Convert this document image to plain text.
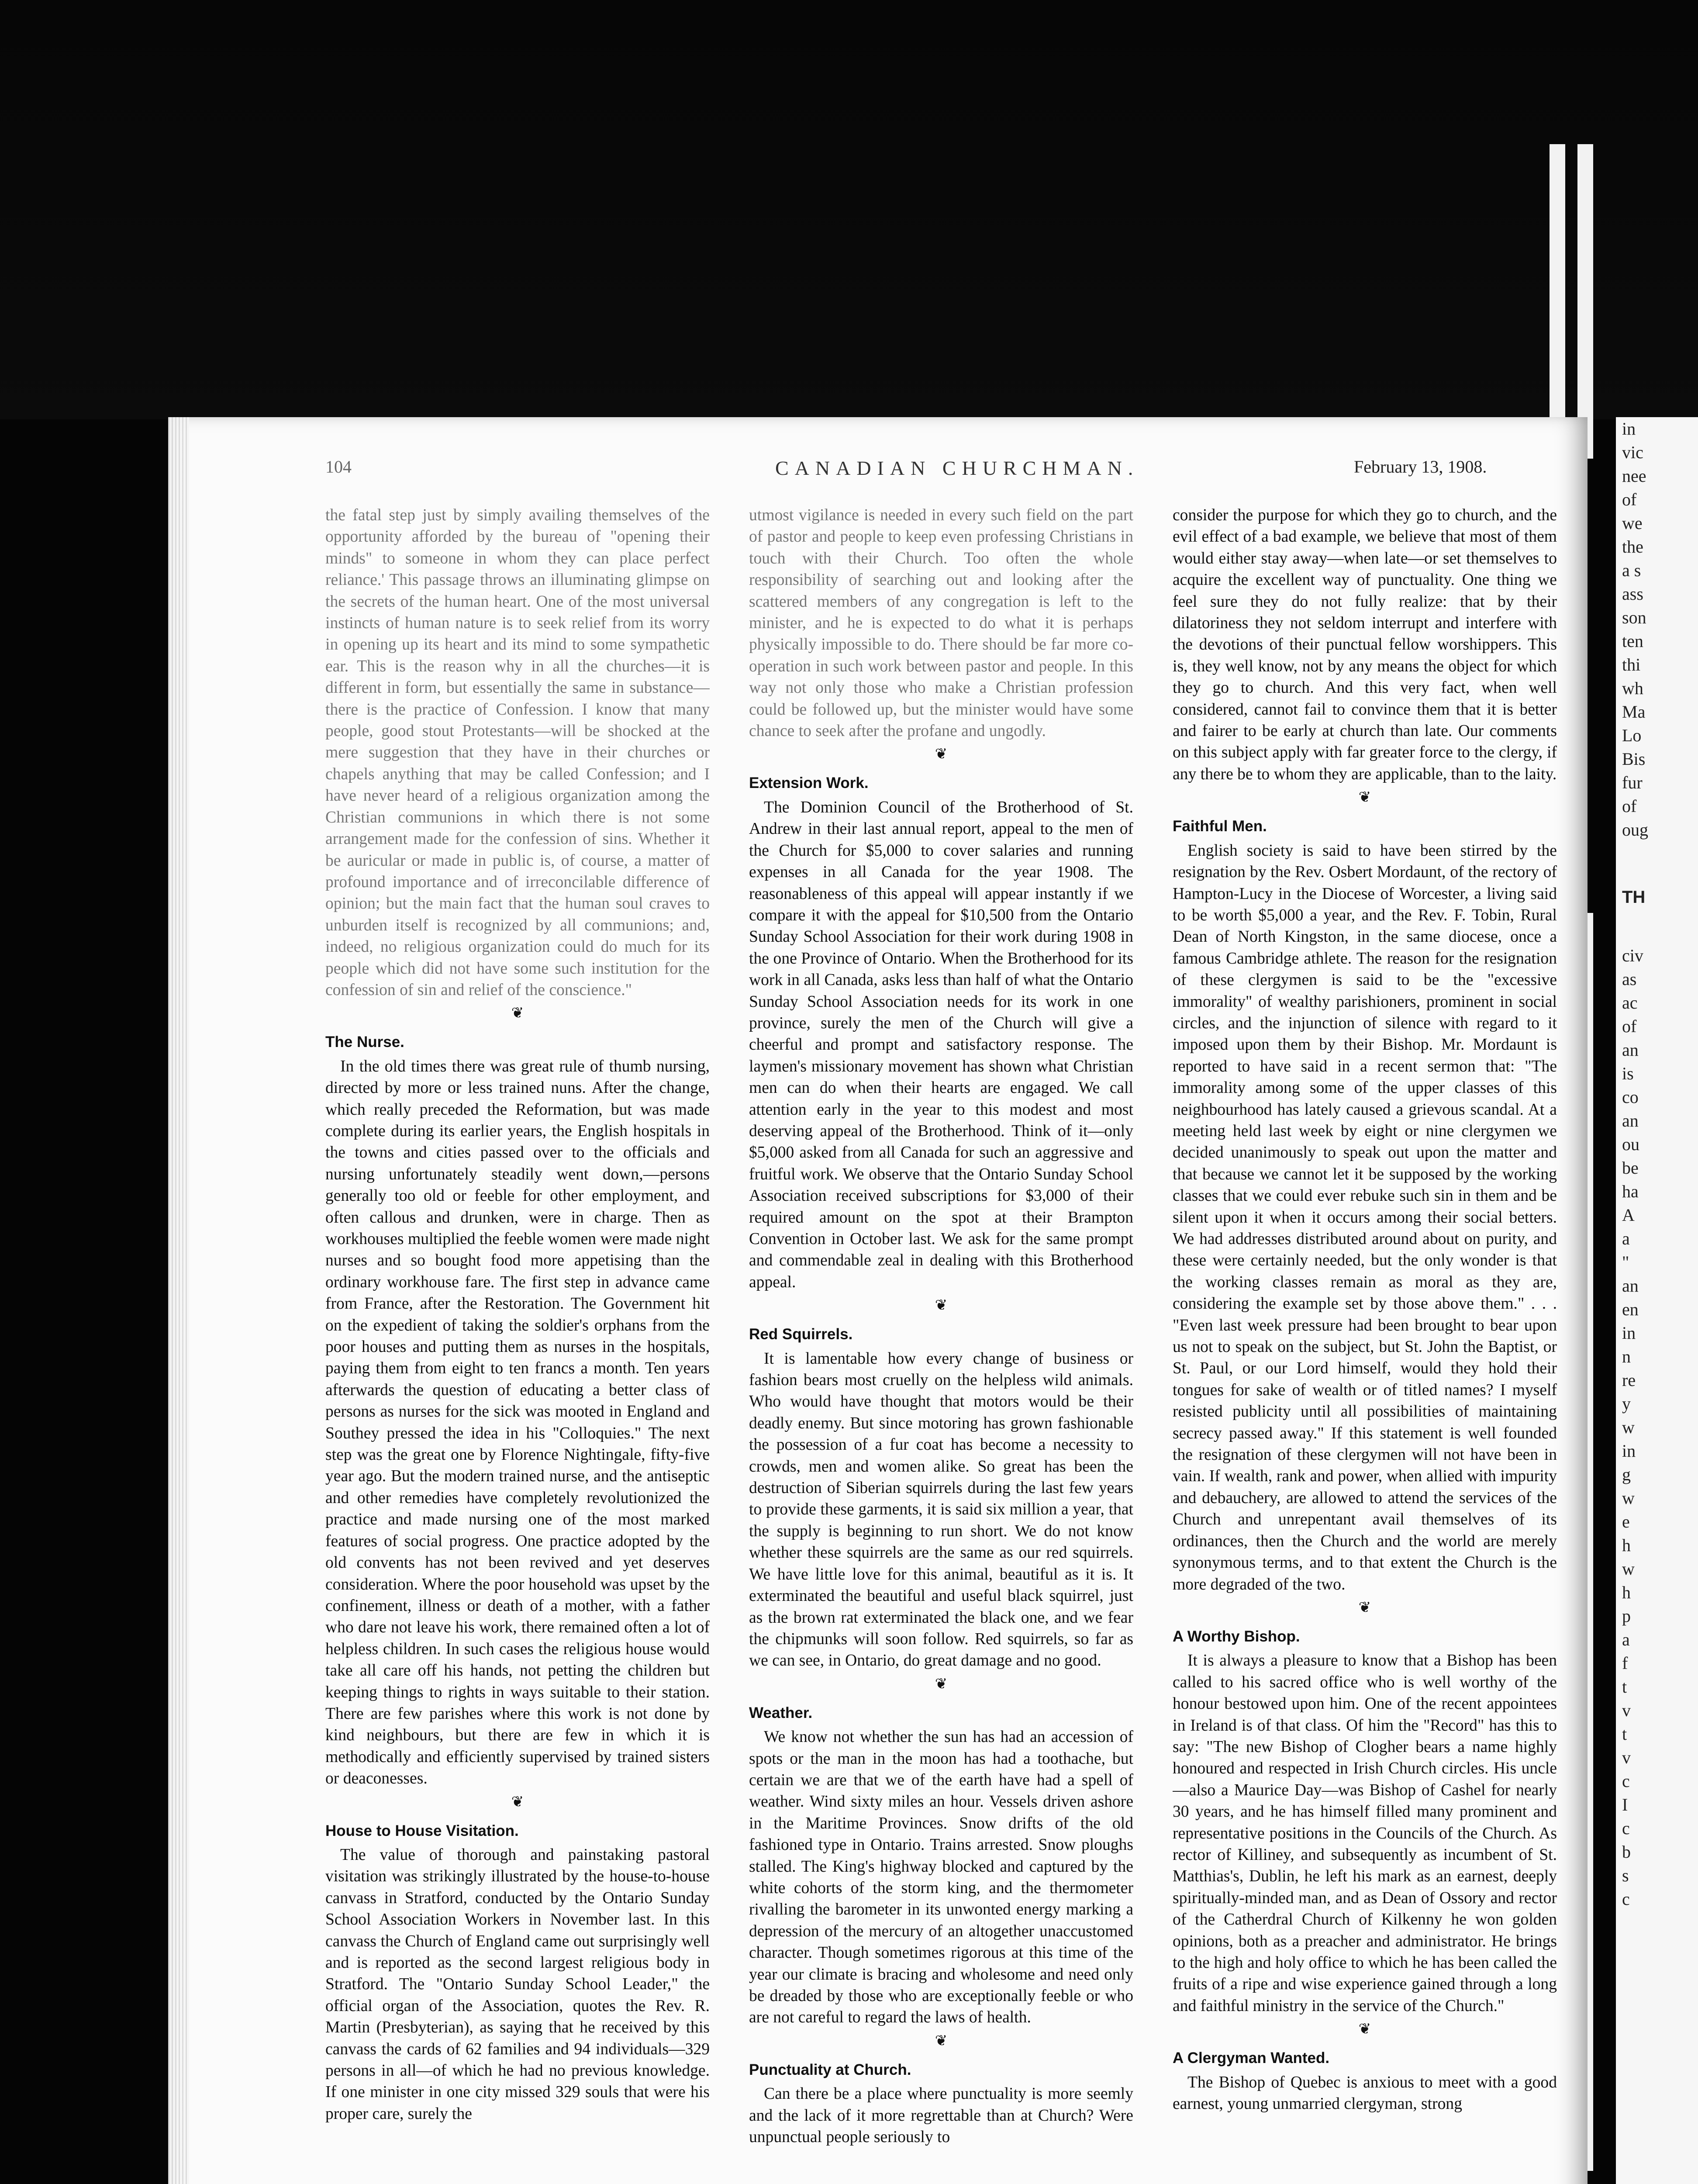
in
vic
nee
of
we
the
a s
ass
son
ten
thi
wh
Ma
Lo
Bis
fur
of
oug
TH
civ
as
ac
of
an
is
co
an
ou
be
ha
A
a
"
an
en
in
n
re
y
w
in
g
w
e
h
w
h
p
a
f
t
v
t
v
c
I
c
b
s
c
104	CANADIAN CHURCHMAN.	February 13, 1908.

the fatal step just by simply availing themselves of the opportunity afforded by the bureau of "opening their minds" to someone in whom they can place perfect reliance.' This passage throws an illuminating glimpse on the secrets of the human heart. One of the most universal instincts of human nature is to seek relief from its worry in opening up its heart and its mind to some sympathetic ear. This is the reason why in all the churches—it is different in form, but essentially the same in substance—there is the practice of Confession. I know that many people, good stout Protestants—will be shocked at the mere suggestion that they have in their churches or chapels anything that may be called Confession; and I have never heard of a religious organization among the Christian communions in which there is not some arrangement made for the confession of sins. Whether it be auricular or made in public is, of course, a matter of profound importance and of irreconcilable difference of opinion; but the main fact that the human soul craves to unburden itself is recognized by all communions; and, indeed, no religious organization could do much for its people which did not have some such institution for the confession of sin and relief of the conscience."

❦
The Nurse.

In the old times there was great rule of thumb nursing, directed by more or less trained nuns. After the change, which really preceded the Reformation, but was made complete during its earlier years, the English hospitals in the towns and cities passed over to the officials and nursing unfortunately steadily went down,—persons generally too old or feeble for other employment, and often callous and drunken, were in charge. Then as workhouses multiplied the feeble women were made night nurses and so bought food more appetising than the ordinary workhouse fare. The first step in advance came from France, after the Restoration. The Government hit on the expedient of taking the soldier's orphans from the poor houses and putting them as nurses in the hospitals, paying them from eight to ten francs a month. Ten years afterwards the question of educating a better class of persons as nurses for the sick was mooted in England and Southey pressed the idea in his "Colloquies." The next step was the great one by Florence Nightingale, fifty-five year ago. But the modern trained nurse, and the antiseptic and other remedies have completely revolutionized the practice and made nursing one of the most marked features of social progress. One practice adopted by the old convents has not been revived and yet deserves consideration. Where the poor household was upset by the confinement, illness or death of a mother, with a father who dare not leave his work, there remained often a lot of helpless children. In such cases the religious house would take all care off his hands, not petting the children but keeping things to rights in ways suitable to their station. There are few parishes where this work is not done by kind neighbours, but there are few in which it is methodically and efficiently supervised by trained sisters or deaconesses.

❦
House to House Visitation.

The value of thorough and painstaking pastoral visitation was strikingly illustrated by the house-to-house canvass in Stratford, conducted by the Ontario Sunday School Association Workers in November last. In this canvass the Church of England came out surprisingly well and is reported as the second largest religious body in Stratford. The "Ontario Sunday School Leader," the official organ of the Association, quotes the Rev. R. Martin (Presbyterian), as saying that he received by this canvass the cards of 62 families and 94 individuals—329 persons in all—of which he had no previous knowledge. If one minister in one city missed 329 souls that were his proper care, surely the

utmost vigilance is needed in every such field on the part of pastor and people to keep even professing Christians in touch with their Church. Too often the whole responsibility of searching out and looking after the scattered members of any congregation is left to the minister, and he is expected to do what it is perhaps physically impossible to do. There should be far more co-operation in such work between pastor and people. In this way not only those who make a Christian profession could be followed up, but the minister would have some chance to seek after the profane and ungodly.

❦
Extension Work.

The Dominion Council of the Brotherhood of St. Andrew in their last annual report, appeal to the men of the Church for $5,000 to cover salaries and running expenses in all Canada for the year 1908. The reasonableness of this appeal will appear instantly if we compare it with the appeal for $10,500 from the Ontario Sunday School Association for their work during 1908 in the one Province of Ontario. When the Brotherhood for its work in all Canada, asks less than half of what the Ontario Sunday School Association needs for its work in one province, surely the men of the Church will give a cheerful and prompt and satisfactory response. The laymen's missionary movement has shown what Christian men can do when their hearts are engaged. We call attention early in the year to this modest and most deserving appeal of the Brotherhood. Think of it—only $5,000 asked from all Canada for such an aggressive and fruitful work. We observe that the Ontario Sunday School Association received subscriptions for $3,000 of their required amount on the spot at their Brampton Convention in October last. We ask for the same prompt and commendable zeal in dealing with this Brotherhood appeal.

❦
Red Squirrels.

It is lamentable how every change of business or fashion bears most cruelly on the helpless wild animals. Who would have thought that motors would be their deadly enemy. But since motoring has grown fashionable the possession of a fur coat has become a necessity to crowds, men and women alike. So great has been the destruction of Siberian squirrels during the last few years to provide these garments, it is said six million a year, that the supply is beginning to run short. We do not know whether these squirrels are the same as our red squirrels. We have little love for this animal, beautiful as it is. It exterminated the beautiful and useful black squirrel, just as the brown rat exterminated the black one, and we fear the chipmunks will soon follow. Red squirrels, so far as we can see, in Ontario, do great damage and no good.

❦
Weather.

We know not whether the sun has had an accession of spots or the man in the moon has had a toothache, but certain we are that we of the earth have had a spell of weather. Wind sixty miles an hour. Vessels driven ashore in the Maritime Provinces. Snow drifts of the old fashioned type in Ontario. Trains arrested. Snow ploughs stalled. The King's highway blocked and captured by the white cohorts of the storm king, and the thermometer rivalling the barometer in its unwonted energy marking a depression of the mercury of an altogether unaccustomed character. Though sometimes rigorous at this time of the year our climate is bracing and wholesome and need only be dreaded by those who are exceptionally feeble or who are not careful to regard the laws of health.

❦
Punctuality at Church.

Can there be a place where punctuality is more seemly and the lack of it more regrettable than at Church? Were unpunctual people seriously to

consider the purpose for which they go to church, and the evil effect of a bad example, we believe that most of them would either stay away—when late—or set themselves to acquire the excellent way of punctuality. One thing we feel sure they do not fully realize: that by their dilatoriness they not seldom interrupt and interfere with the devotions of their punctual fellow worshippers. This is, they well know, not by any means the object for which they go to church. And this very fact, when well considered, cannot fail to convince them that it is better and fairer to be early at church than late. Our comments on this subject apply with far greater force to the clergy, if any there be to whom they are applicable, than to the laity.

❦
Faithful Men.

English society is said to have been stirred by the resignation by the Rev. Osbert Mordaunt, of the rectory of Hampton-Lucy in the Diocese of Worcester, a living said to be worth $5,000 a year, and the Rev. F. Tobin, Rural Dean of North Kingston, in the same diocese, once a famous Cambridge athlete. The reason for the resignation of these clergymen is said to be the "excessive immorality" of wealthy parishioners, prominent in social circles, and the injunction of silence with regard to it imposed upon them by their Bishop. Mr. Mordaunt is reported to have said in a recent sermon that: "The immorality among some of the upper classes of this neighbourhood has lately caused a grievous scandal. At a meeting held last week by eight or nine clergymen we decided unanimously to speak out upon the matter and that because we cannot let it be supposed by the working classes that we could ever rebuke such sin in them and be silent upon it when it occurs among their social betters. We had addresses distributed around about on purity, and these were certainly needed, but the only wonder is that the working classes remain as moral as they are, considering the example set by those above them." . . . "Even last week pressure had been brought to bear upon us not to speak on the subject, but St. John the Baptist, or St. Paul, or our Lord himself, would they hold their tongues for sake of wealth or of titled names? I myself resisted publicity until all possibilities of maintaining secrecy passed away." If this statement is well founded the resignation of these clergymen will not have been in vain. If wealth, rank and power, when allied with impurity and debauchery, are allowed to attend the services of the Church and unrepentant avail themselves of its ordinances, then the Church and the world are merely synonymous terms, and to that extent the Church is the more degraded of the two.

❦
A Worthy Bishop.

It is always a pleasure to know that a Bishop has been called to his sacred office who is well worthy of the honour bestowed upon him. One of the recent appointees in Ireland is of that class. Of him the "Record" has this to say: "The new Bishop of Clogher bears a name highly honoured and respected in Irish Church circles. His uncle—also a Maurice Day—was Bishop of Cashel for nearly 30 years, and he has himself filled many prominent and representative positions in the Councils of the Church. As rector of Killiney, and subsequently as incumbent of St. Matthias's, Dublin, he left his mark as an earnest, deeply spiritually-minded man, and as Dean of Ossory and rector of the Catherdral Church of Kilkenny he won golden opinions, both as a preacher and administrator. He brings to the high and holy office to which he has been called the fruits of a ripe and wise experience gained through a long and faithful ministry in the service of the Church."

❦
A Clergyman Wanted.

The Bishop of Quebec is anxious to meet with a good earnest, young unmarried clergyman, strong
